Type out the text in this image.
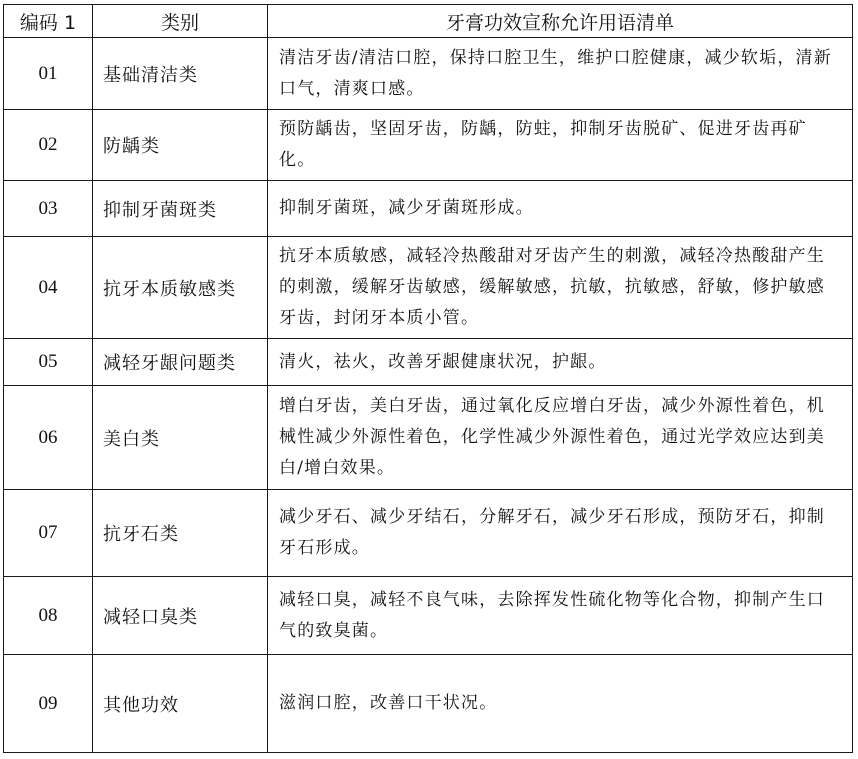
编码 1	类别	牙膏功效宣称允许用语清单
01	基础清洁类	清洁牙齿/清洁口腔，保持口腔卫生，维护口腔健康，减少软垢，清新口气，清爽口感。
02	防龋类	预防龋齿，坚固牙齿，防龋，防蛀，抑制牙齿脱矿、促进牙齿再矿化。
03	抑制牙菌斑类	抑制牙菌斑，减少牙菌斑形成。
04	抗牙本质敏感类	抗牙本质敏感，减轻冷热酸甜对牙齿产生的刺激，减轻冷热酸甜产生的刺激，缓解牙齿敏感，缓解敏感，抗敏，抗敏感，舒敏，修护敏感牙齿，封闭牙本质小管。
05	减轻牙龈问题类	清火，祛火，改善牙龈健康状况，护龈。
06	美白类	增白牙齿，美白牙齿，通过氧化反应增白牙齿，减少外源性着色，机械性减少外源性着色，化学性减少外源性着色，通过光学效应达到美白/增白效果。
07	抗牙石类	减少牙石、减少牙结石，分解牙石，减少牙石形成，预防牙石，抑制牙石形成。
08	减轻口臭类	减轻口臭，减轻不良气味，去除挥发性硫化物等化合物，抑制产生口气的致臭菌。
09	其他功效	滋润口腔，改善口干状况。
